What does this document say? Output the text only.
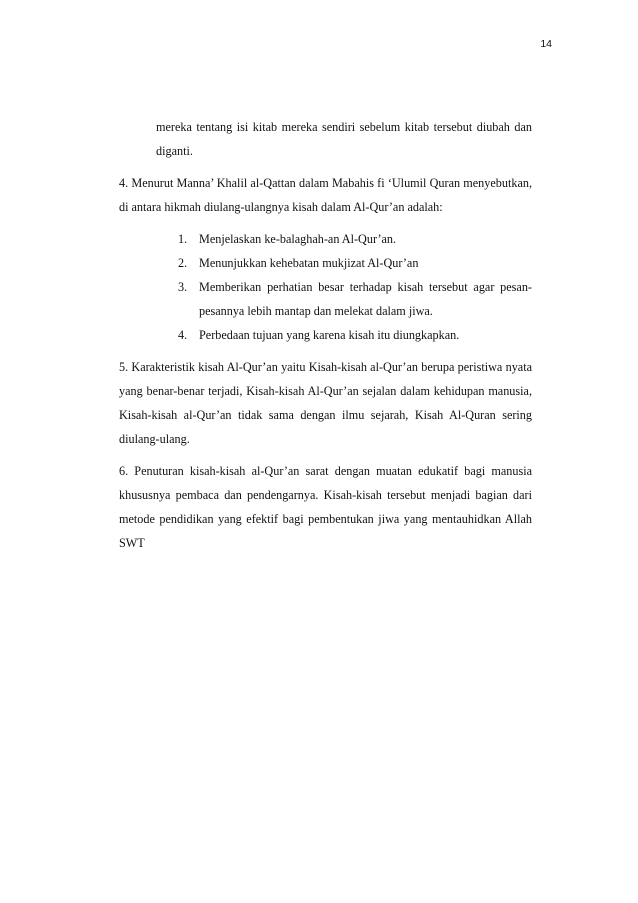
14

mereka tentang isi kitab mereka sendiri sebelum kitab tersebut diubah dan diganti.

4. Menurut Manna’ Khalil al-Qattan dalam Mabahis fi ‘Ulumil Quran menyebutkan, di antara hikmah diulang-ulangnya kisah dalam Al-Qur’an adalah:

1. Menjelaskan ke-balaghah-an Al-Qur’an.
2. Menunjukkan kehebatan mukjizat Al-Qur’an
3. Memberikan perhatian besar terhadap kisah tersebut agar pesan-pesannya lebih mantap dan melekat dalam jiwa.
4. Perbedaan tujuan yang karena kisah itu diungkapkan.

5. Karakteristik kisah Al-Qur’an yaitu Kisah-kisah al-Qur’an berupa peristiwa nyata yang benar-benar terjadi, Kisah-kisah Al-Qur’an sejalan dalam kehidupan manusia, Kisah-kisah al-Qur’an tidak sama dengan ilmu sejarah, Kisah Al-Quran sering diulang-ulang.

6. Penuturan kisah-kisah al-Qur’an sarat dengan muatan edukatif bagi manusia khususnya pembaca dan pendengarnya. Kisah-kisah tersebut menjadi bagian dari metode pendidikan yang efektif bagi pembentukan jiwa yang mentauhidkan Allah SWT
